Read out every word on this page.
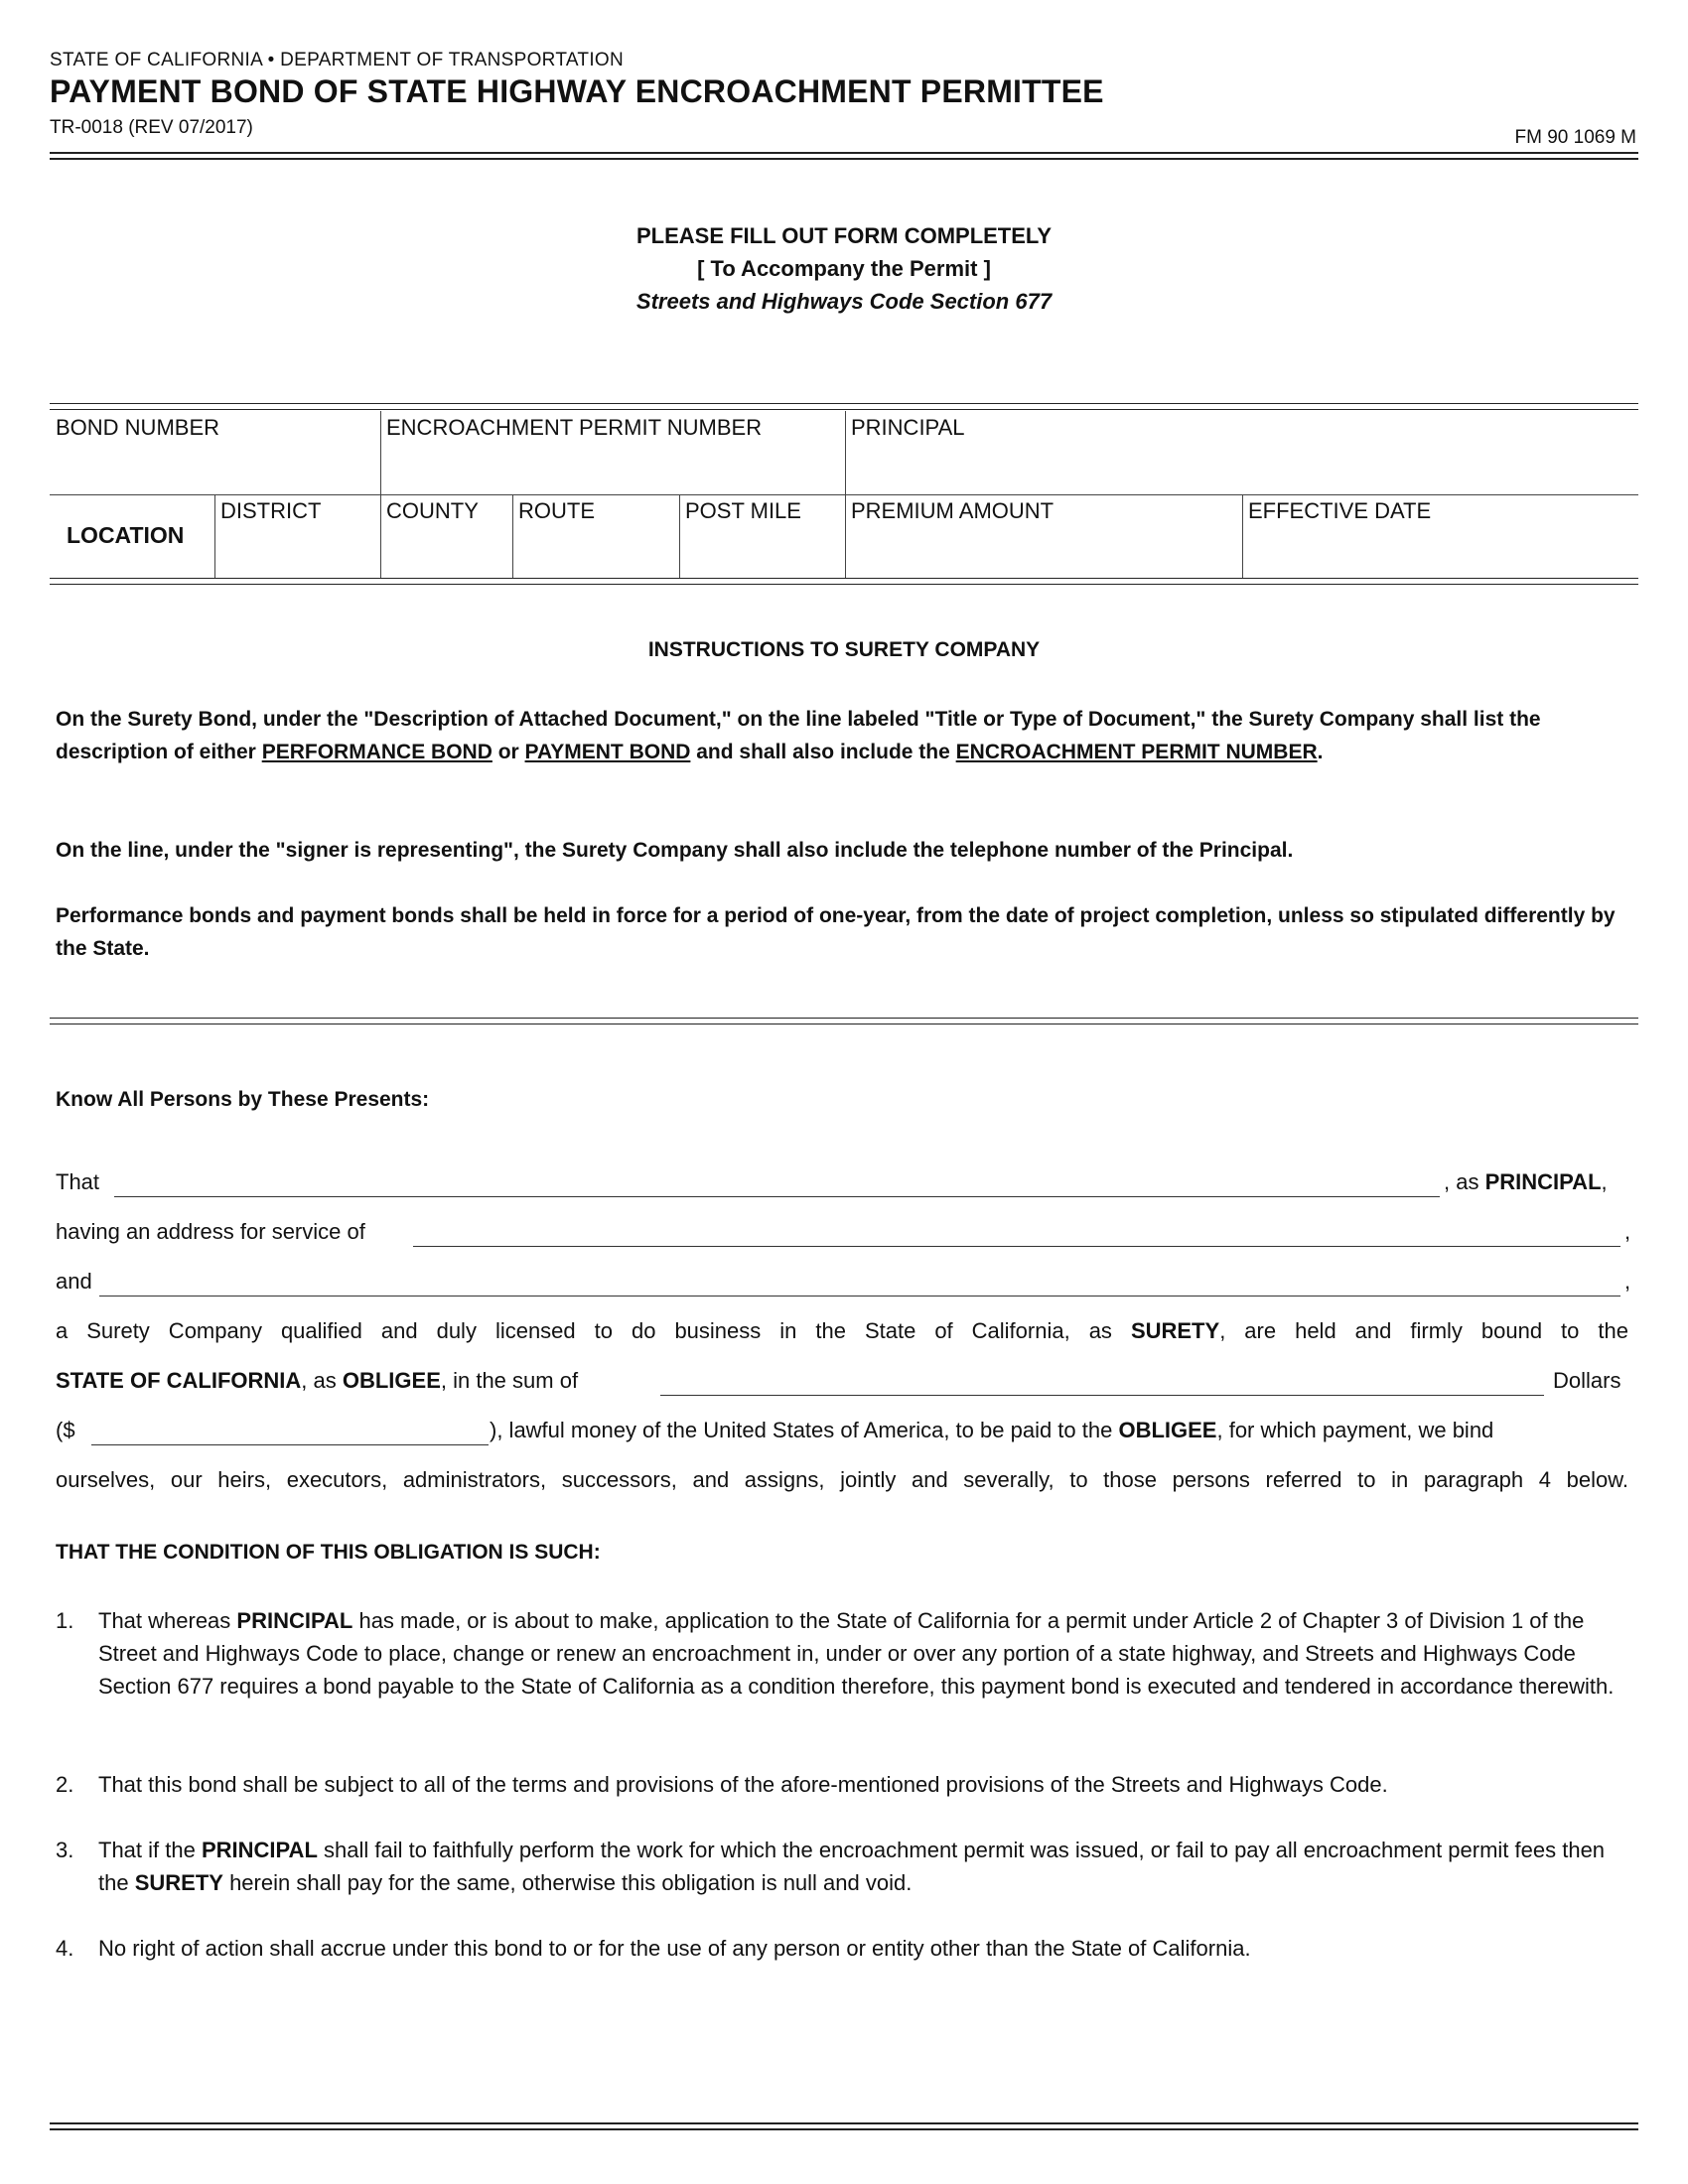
STATE OF CALIFORNIA • DEPARTMENT OF TRANSPORTATION
PAYMENT BOND OF STATE HIGHWAY ENCROACHMENT PERMITTEE
TR-0018 (REV 07/2017)	FM 90 1069 M
PLEASE FILL OUT FORM COMPLETELY
[ To Accompany the Permit ]
Streets and Highways Code Section 677
BOND NUMBER	ENCROACHMENT PERMIT NUMBER	PRINCIPAL
LOCATION
DISTRICT	COUNTY	ROUTE	POST MILE	PREMIUM AMOUNT	EFFECTIVE DATE
INSTRUCTIONS TO SURETY COMPANY
On the Surety Bond, under the "Description of Attached Document," on the line labeled "Title or Type of Document," the Surety Company shall list the description of either PERFORMANCE BOND or PAYMENT BOND and shall also include the ENCROACHMENT PERMIT NUMBER.
On the line, under the "signer is representing", the Surety Company shall also include the telephone number of the Principal.
Performance bonds and payment bonds shall be held in force for a period of one-year, from the date of project completion, unless so stipulated differently by the State.
Know All Persons by These Presents:
That	, as PRINCIPAL,
having an address for service of	,
and	,
a Surety Company qualified and duly licensed to do business in the State of California, as SURETY, are held and firmly bound to the
STATE OF CALIFORNIA, as OBLIGEE, in the sum of	Dollars
($	), lawful money of the United States of America, to be paid to the OBLIGEE, for which payment, we bind
ourselves, our heirs, executors, administrators, successors, and assigns, jointly and severally, to those persons referred to in paragraph 4 below.
THAT THE CONDITION OF THIS OBLIGATION IS SUCH:
1.	That whereas PRINCIPAL has made, or is about to make, application to the State of California for a permit under Article 2 of Chapter 3 of Division 1 of the Street and Highways Code to place, change or renew an encroachment in, under or over any portion of a state highway, and Streets and Highways Code Section 677 requires a bond payable to the State of California as a condition therefore, this payment bond is executed and tendered in accordance therewith.
2.	That this bond shall be subject to all of the terms and provisions of the afore-mentioned provisions of the Streets and Highways Code.
3.	That if the PRINCIPAL shall fail to faithfully perform the work for which the encroachment permit was issued, or fail to pay all encroachment permit fees then the SURETY herein shall pay for the same, otherwise this obligation is null and void.
4.	No right of action shall accrue under this bond to or for the use of any person or entity other than the State of California.
